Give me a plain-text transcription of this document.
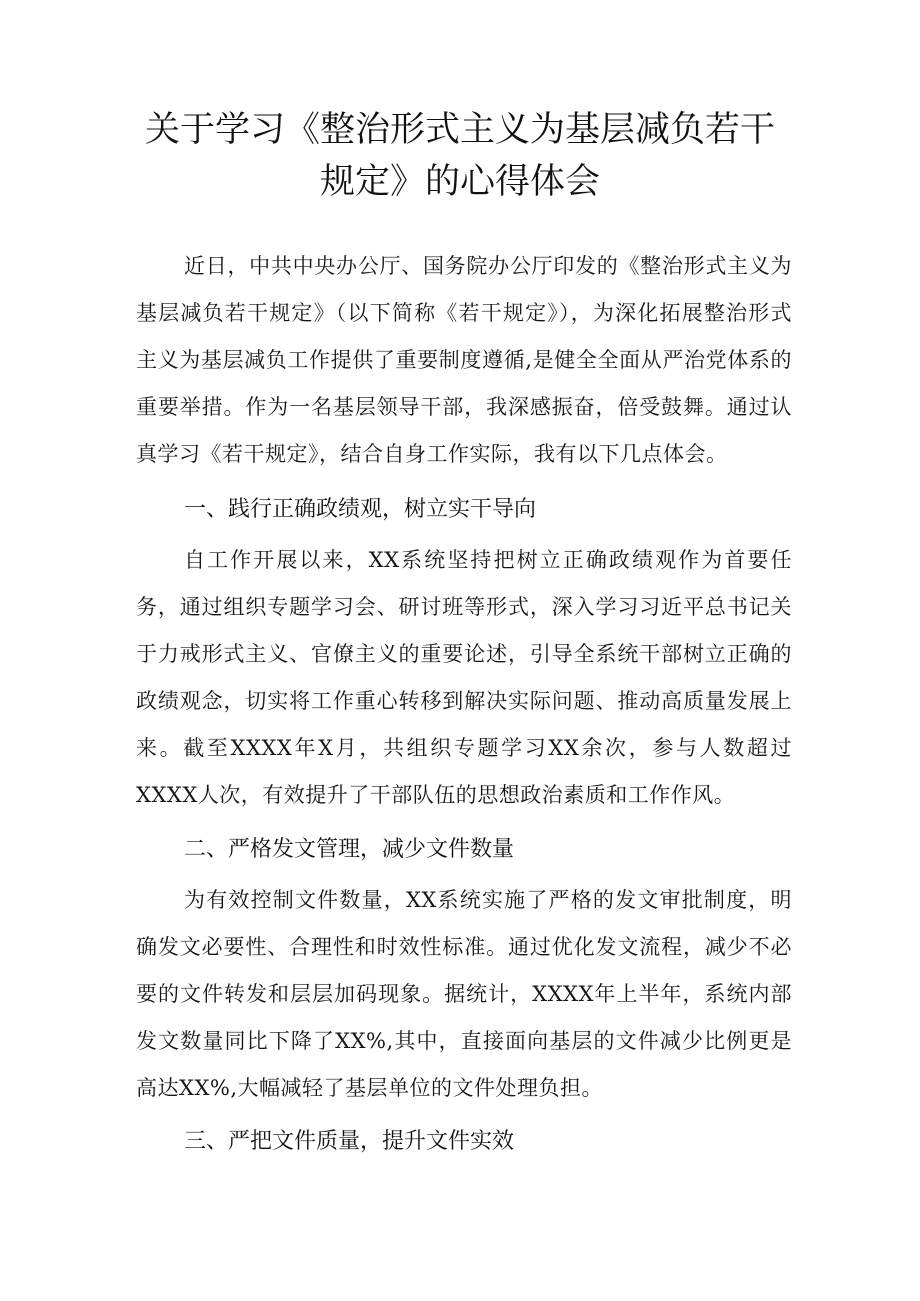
关于学习《整治形式主义为基层减负若干
规定》的心得体会

近日，中共中央办公厅、国务院办公厅印发的《整治形式主义为基层减负若干规定》（以下简称《若干规定》），为深化拓展整治形式主义为基层减负工作提供了重要制度遵循,是健全全面从严治党体系的重要举措。作为一名基层领导干部，我深感振奋，倍受鼓舞。通过认真学习《若干规定》，结合自身工作实际，我有以下几点体会。

一、践行正确政绩观，树立实干导向

自工作开展以来，XX系统坚持把树立正确政绩观作为首要任务，通过组织专题学习会、研讨班等形式，深入学习习近平总书记关于力戒形式主义、官僚主义的重要论述，引导全系统干部树立正确的政绩观念，切实将工作重心转移到解决实际问题、推动高质量发展上来。截至XXXX年X月，共组织专题学习XX余次，参与人数超过XXXX人次，有效提升了干部队伍的思想政治素质和工作作风。

二、严格发文管理，减少文件数量

为有效控制文件数量，XX系统实施了严格的发文审批制度，明确发文必要性、合理性和时效性标准。通过优化发文流程，减少不必要的文件转发和层层加码现象。据统计，XXXX年上半年，系统内部发文数量同比下降了XX%,其中，直接面向基层的文件减少比例更是高达XX%,大幅减轻了基层单位的文件处理负担。

三、严把文件质量，提升文件实效
